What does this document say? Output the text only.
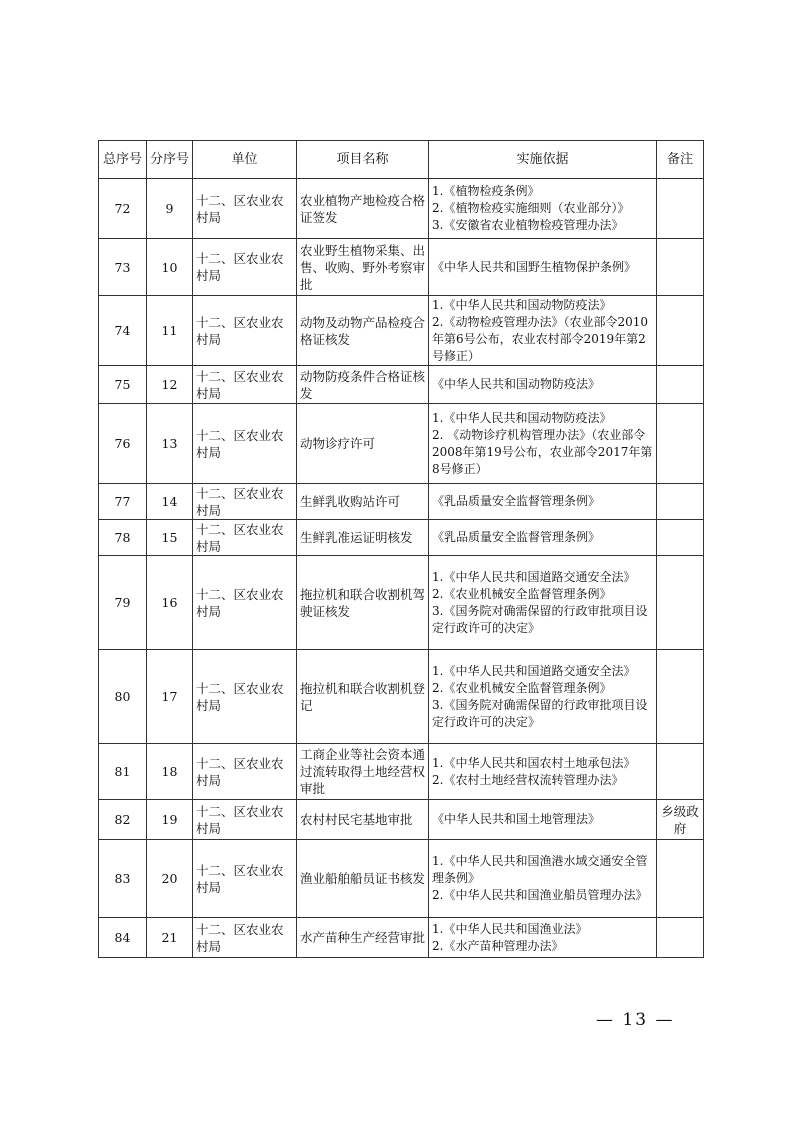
总序号	分序号	单位	项目名称	实施依据	备注
72	9	十二、区农业农村局	农业植物产地检疫合格证签发	1.《植物检疫条例》
2.《植物检疫实施细则（农业部分）》
3.《安徽省农业植物检疫管理办法》	

73	10	十二、区农业农村局	农业野生植物采集、出售、收购、野外考察审批	《中华人民共和国野生植物保护条例》	

74	11	十二、区农业农村局	动物及动物产品检疫合格证核发	1.《中华人民共和国动物防疫法》
2.《动物检疫管理办法》（农业部令2010年第6号公布，农业农村部令2019年第2号修正）	

75	12	十二、区农业农村局	动物防疫条件合格证核发	《中华人民共和国动物防疫法》	

76	13	十二、区农业农村局	动物诊疗许可	1.《中华人民共和国动物防疫法》
2. 《动物诊疗机构管理办法》（农业部令2008年第19号公布，农业部令2017年第8号修正）	

77	14	十二、区农业农村局	生鲜乳收购站许可	《乳品质量安全监督管理条例》	

78	15	十二、区农业农村局	生鲜乳准运证明核发	《乳品质量安全监督管理条例》	

79	16	十二、区农业农村局	拖拉机和联合收割机驾驶证核发	1.《中华人民共和国道路交通安全法》
2.《农业机械安全监督管理条例》
3.《国务院对确需保留的行政审批项目设定行政许可的决定》	

80	17	十二、区农业农村局	拖拉机和联合收割机登记	1.《中华人民共和国道路交通安全法》
2.《农业机械安全监督管理条例》
3.《国务院对确需保留的行政审批项目设定行政许可的决定》	

81	18	十二、区农业农村局	工商企业等社会资本通过流转取得土地经营权审批	1.《中华人民共和国农村土地承包法》
2.《农村土地经营权流转管理办法》	

82	19	十二、区农业农村局	农村村民宅基地审批	《中华人民共和国土地管理法》	乡级政府
83	20	十二、区农业农村局	渔业船舶船员证书核发	1.《中华人民共和国渔港水域交通安全管理条例》
2.《中华人民共和国渔业船员管理办法》	

84	21	十二、区农业农村局	水产苗种生产经营审批	1.《中华人民共和国渔业法》
2.《水产苗种管理办法》	

— 13 —
